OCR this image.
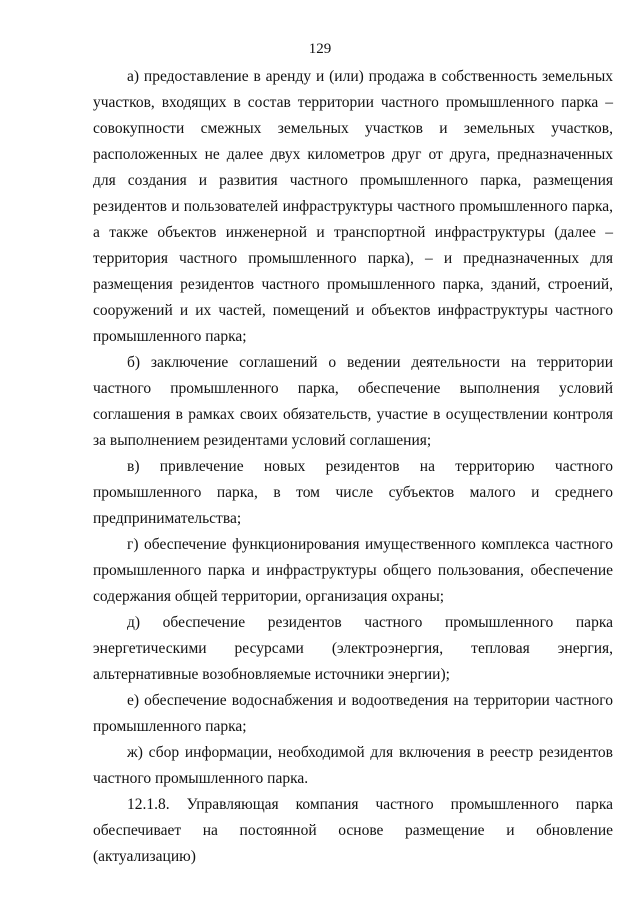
129

а) предоставление в аренду и (или) продажа в собственность земельных участков, входящих в состав территории частного промышленного парка – совокупности смежных земельных участков и земельных участков, расположенных не далее двух километров друг от друга, предназначенных для создания и развития частного промышленного парка, размещения резидентов и пользователей инфраструктуры частного промышленного парка, а также объектов инженерной и транспортной инфраструктуры (далее – территория частного промышленного парка), – и предназначенных для размещения резидентов частного промышленного парка, зданий, строений, сооружений и их частей, помещений и объектов инфраструктуры частного промышленного парка;

б) заключение соглашений о ведении деятельности на территории частного промышленного парка, обеспечение выполнения условий соглашения в рамках своих обязательств, участие в осуществлении контроля за выполнением резидентами условий соглашения;

в) привлечение новых резидентов на территорию частного промышленного парка, в том числе субъектов малого и среднего предпринимательства;

г) обеспечение функционирования имущественного комплекса частного промышленного парка и инфраструктуры общего пользования, обеспечение содержания общей территории, организация охраны;

д) обеспечение резидентов частного промышленного парка энергетическими ресурсами (электроэнергия, тепловая энергия, альтернативные возобновляемые источники энергии);

е) обеспечение водоснабжения и водоотведения на территории частного промышленного парка;

ж) сбор информации, необходимой для включения в реестр резидентов частного промышленного парка.

12.1.8. Управляющая компания частного промышленного парка обеспечивает на постоянной основе размещение и обновление (актуализацию)
